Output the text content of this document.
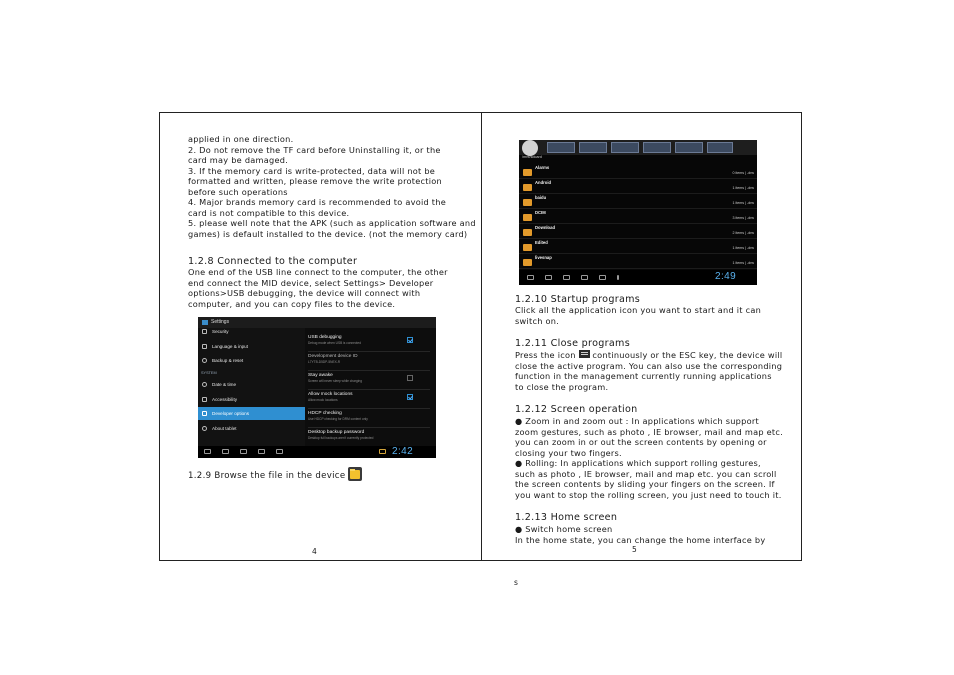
applied in one direction.
2. Do not remove the TF card before Uninstalling it, or the
card may be damaged.
3. If the memory card is write-protected, data will not be
formatted and written, please remove the write protection
before such operations
4. Major brands memory card is recommended to avoid the
card is not compatible to this device.
5. please well note that the APK (such as application software and
games) is default installed to the device. (not the memory card)
1.2.8 Connected to the computer
One end of the USB line connect to the computer, the other
end connect the MID device, select Settings> Developer
options>USB debugging, the device will connect with
computer, and you can copy files to the device.
Settings
Security
Language & input
Backup & reset
SYSTEM
Date & time
Accessibility
Developer options
About tablet
USB debugging
Debug mode when USB is connected
Development device ID
L7YTB-D5DP-5NEX-R
Stay awake
Screen will never sleep while charging
Allow mock locations
Allow mock locations
HDCP checking
Use HDCP checking for DRM content only
Desktop backup password
Desktop full backups aren't currently protected
2:42
1.2.9 Browse the file in the device
4
/mnt/sdcard
Alarms
0 items | -drw
Android
1 items | -drw
baidu
1 items | -drw
DCIM
3 items | -drw
Download
2 items | -drw
Edited
1 items | -drw
livesnap
1 items | -drw
2:49
1.2.10 Startup programs
Click all the application icon you want to start and it can
switch on.
1.2.11 Close programs
Press the icon continuously or the ESC key, the device will
close the active program. You can also use the corresponding
function in the management currently running applications
to close the program.
1.2.12 Screen operation
● Zoom in and zoom out : In applications which support
zoom gestures, such as photo , IE browser, mail and map etc.
you can zoom in or out the screen contents by opening or
closing your two fingers.
● Rolling: In applications which support rolling gestures,
such as photo , IE browser, mail and map etc. you can scroll
the screen contents by sliding your fingers on the screen. If
you want to stop the rolling screen, you just need to touch it.
1.2.13 Home screen
● Switch home screen
In the home state, you can change the home interface by
5
s
